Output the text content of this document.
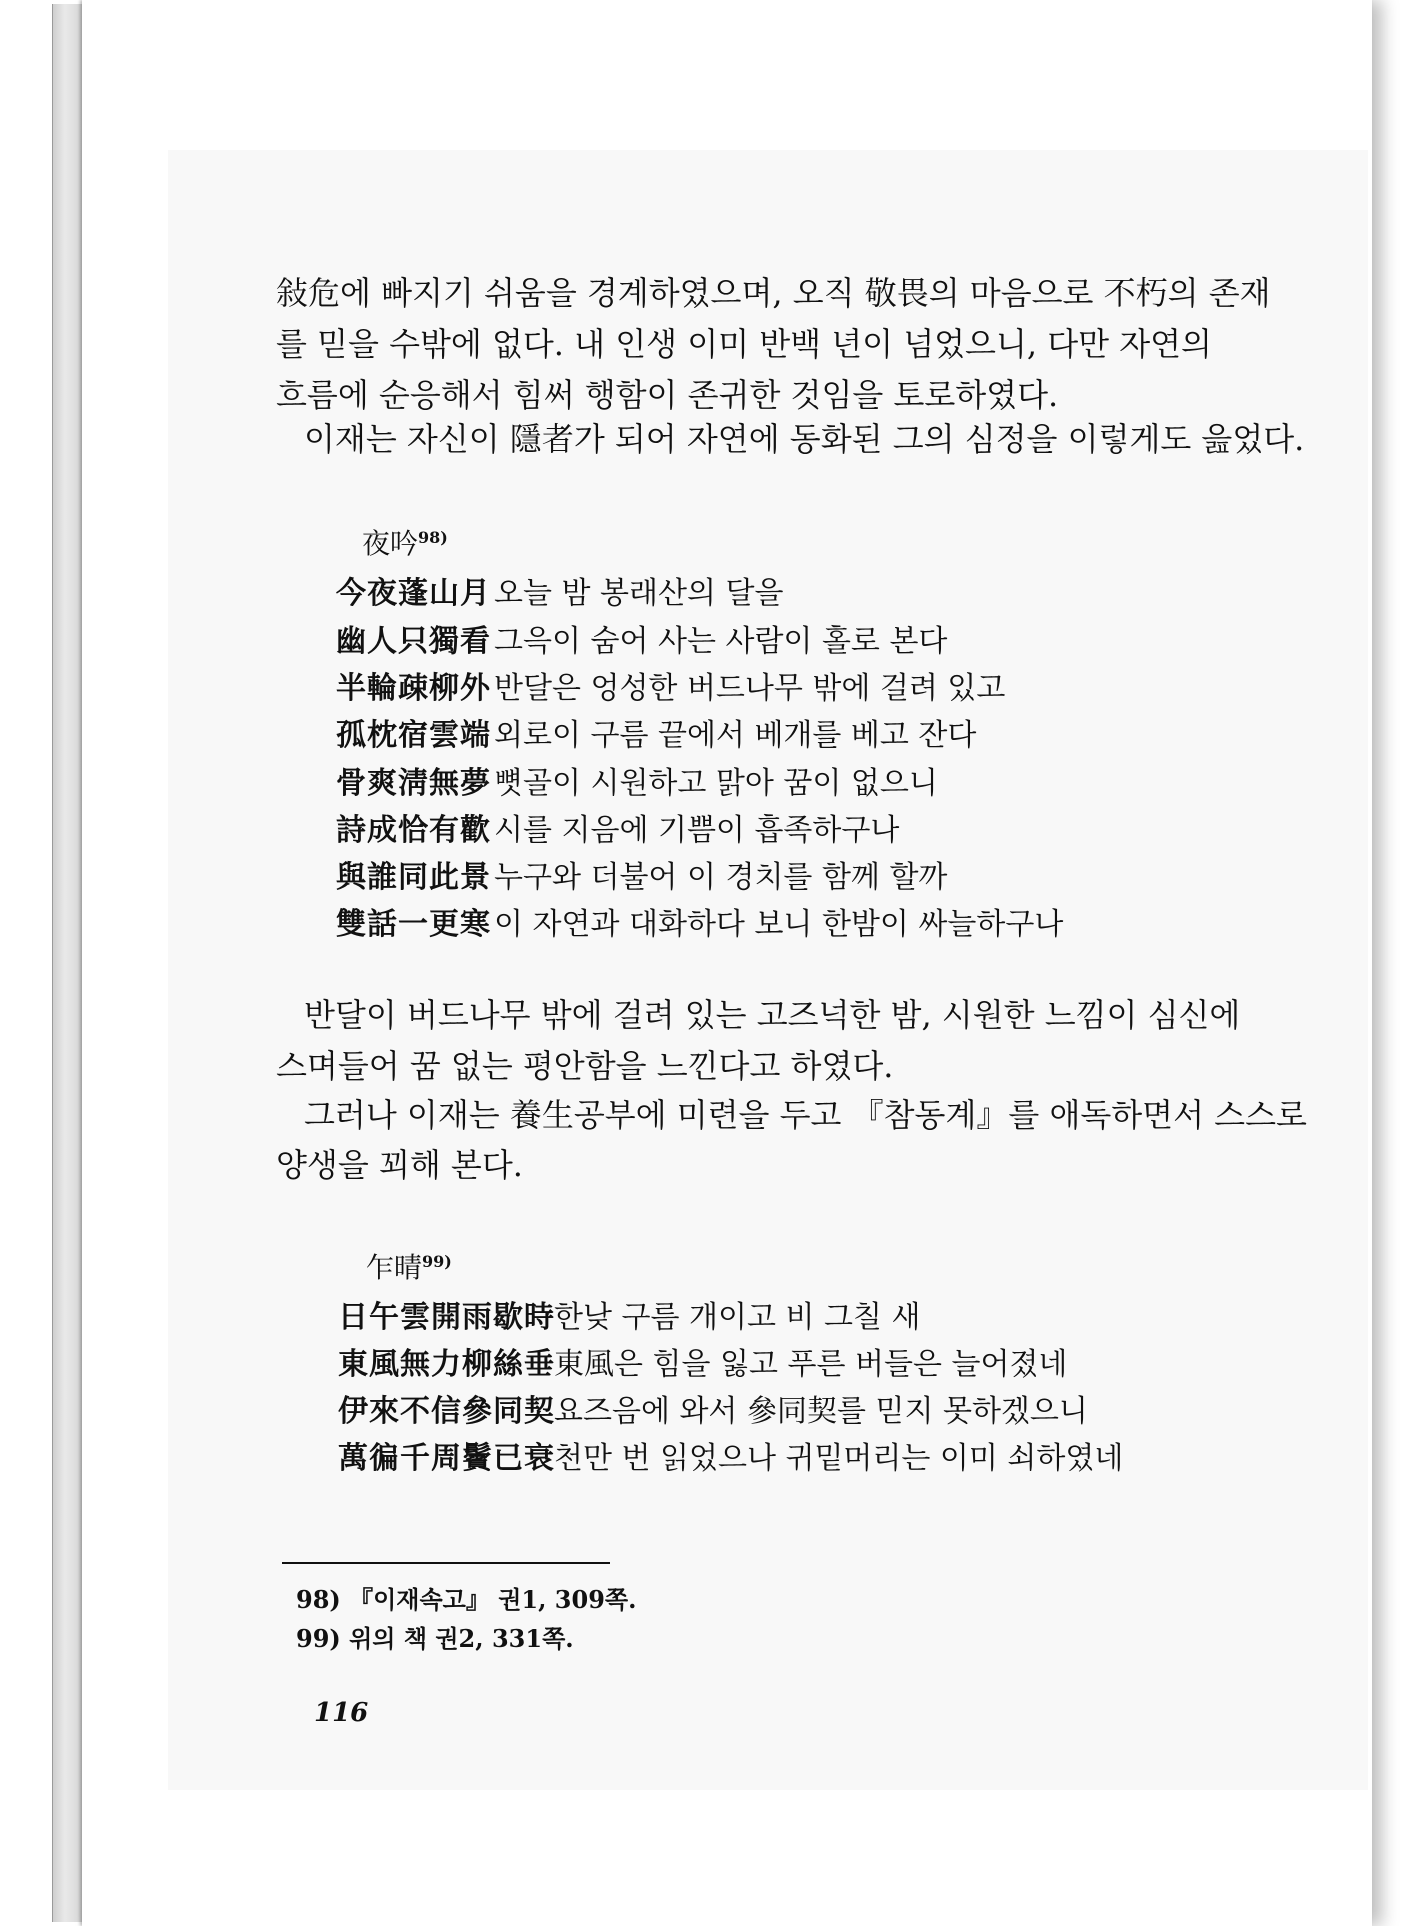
敍危에 빠지기 쉬움을 경계하였으며, 오직 敬畏의 마음으로 不朽의 존재
를 믿을 수밖에 없다. 내 인생 이미 반백 년이 넘었으니, 다만 자연의
흐름에 순응해서 힘써 행함이 존귀한 것임을 토로하였다.
이재는 자신이 隱者가 되어 자연에 동화된 그의 심정을 이렇게도 읊었다.
夜吟$^{98)}$
今夜蓬山月 오늘 밤 봉래산의 달을
幽人只獨看 그윽이 숨어 사는 사람이 홀로 본다
半輪疎柳外 반달은 엉성한 버드나무 밖에 걸려 있고
孤枕宿雲端 외로이 구름 끝에서 베개를 베고 잔다
骨爽淸無夢 뼛골이 시원하고 맑아 꿈이 없으니
詩成恰有歡 시를 지음에 기쁨이 흡족하구나
與誰同此景 누구와 더불어 이 경치를 함께 할까
雙話一更寒 이 자연과 대화하다 보니 한밤이 싸늘하구나
반달이 버드나무 밖에 걸려 있는 고즈넉한 밤, 시원한 느낌이 심신에
스며들어 꿈 없는 평안함을 느낀다고 하였다.
그러나 이재는 養生공부에 미련을 두고 『참동계』를 애독하면서 스스로
양생을 꾀해 본다.
乍晴$^{99)}$
日午雲開雨歇時 한낮 구름 개이고 비 그칠 새
東風無力柳絲垂 東風은 힘을 잃고 푸른 버들은 늘어졌네
伊來不信參同契 요즈음에 와서 參同契를 믿지 못하겠으니
萬徧千周鬢已衰 천만 번 읽었으나 귀밑머리는 이미 쇠하였네
98) 『이재속고』 권1, 309쪽.
99) 위의 책 권2, 331쪽.
116
